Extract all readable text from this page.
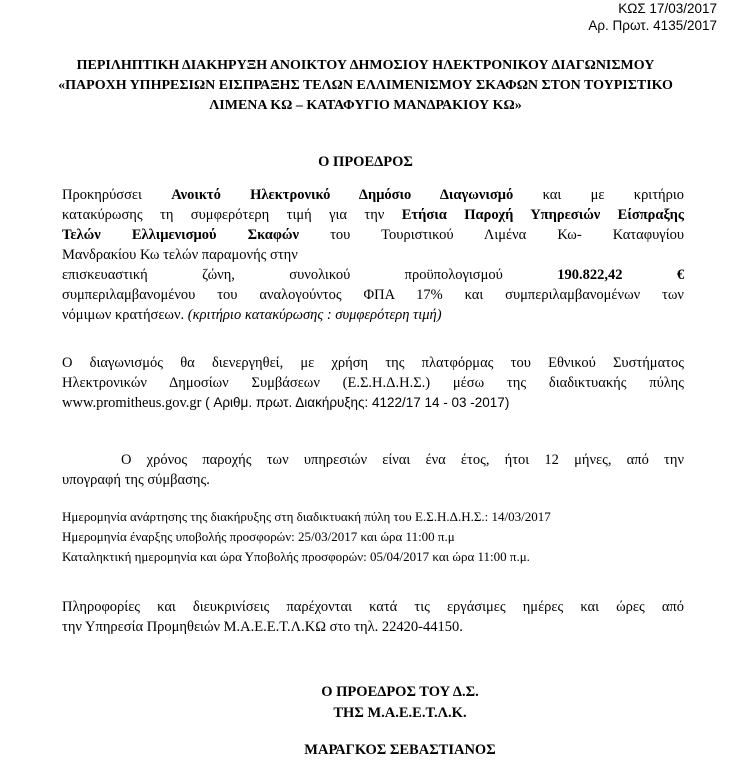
ΚΩΣ 17/03/2017
Αρ. Πρωτ. 4135/2017
ΠΕΡΙΛΗΠΤΙΚΗ ΔΙΑΚΗΡΥΞΗ ΑΝΟΙΚΤΟΥ ΔΗΜΟΣΙΟΥ ΗΛΕΚΤΡΟΝΙΚΟΥ ΔΙΑΓΩΝΙΣΜΟΥ
«ΠΑΡΟΧΗ ΥΠΗΡΕΣΙΩΝ ΕΙΣΠΡΑΞΗΣ ΤΕΛΩΝ ΕΛΛΙΜΕΝΙΣΜΟΥ ΣΚΑΦΩΝ ΣΤΟΝ ΤΟΥΡΙΣΤΙΚΟ
ΛΙΜΕΝΑ ΚΩ – ΚΑΤΑΦΥΓΙΟ ΜΑΝΔΡΑΚΙΟΥ ΚΩ»
Ο ΠΡΟΕΔΡΟΣ
Προκηρύσσει Ανοικτό Ηλεκτρονικό Δημόσιο Διαγωνισμό και με κριτήριο
κατακύρωσης τη συμφερότερη τιμή για την Ετήσια Παροχή Υπηρεσιών Είσπραξης
Τελών Ελλιμενισμού Σκαφών του Τουριστικού Λιμένα Κω- Καταφυγίου
Μανδρακίου Κω τελών παραμονής στην
επισκευαστική	ζώνη,	συνολικού	προϋπολογισμού	190.822,42	€
συμπεριλαμβανομένου του αναλογούντος ΦΠΑ 17% και συμπεριλαμβανομένων των
νόμιμων κρατήσεων. (κριτήριο κατακύρωσης : συμφερότερη τιμή)
Ο διαγωνισμός θα διενεργηθεί, με χρήση της πλατφόρμας του Εθνικού Συστήματος
Ηλεκτρονικών Δημοσίων Συμβάσεων (Ε.Σ.Η.Δ.Η.Σ.) μέσω της διαδικτυακής πύλης
www.promitheus.gov.gr ( Αριθμ. πρωτ. Διακήρυξης: 4122/17 14 - 03 -2017)
Ο χρόνος παροχής των υπηρεσιών είναι ένα έτος, ήτοι 12 μήνες, από την
υπογραφή της σύμβασης.
Ημερομηνία ανάρτησης της διακήρυξης στη διαδικτυακή πύλη του Ε.Σ.Η.Δ.Η.Σ.: 14/03/2017
Ημερομηνία έναρξης υποβολής προσφορών: 25/03/2017 και ώρα 11:00 π.μ
Καταληκτική ημερομηνία και ώρα Υποβολής προσφορών: 05/04/2017 και ώρα 11:00 π.μ.
Πληροφορίες και διευκρινίσεις παρέχονται κατά τις εργάσιμες ημέρες και ώρες από
την Υπηρεσία Προμηθειών Μ.Α.Ε.Ε.Τ.Λ.ΚΩ στο τηλ. 22420-44150.
Ο ΠΡΟΕΔΡΟΣ ΤΟΥ Δ.Σ.
ΤΗΣ Μ.Α.Ε.Ε.Τ.Λ.Κ.
ΜΑΡΑΓΚΟΣ ΣΕΒΑΣΤΙΑΝΟΣ
